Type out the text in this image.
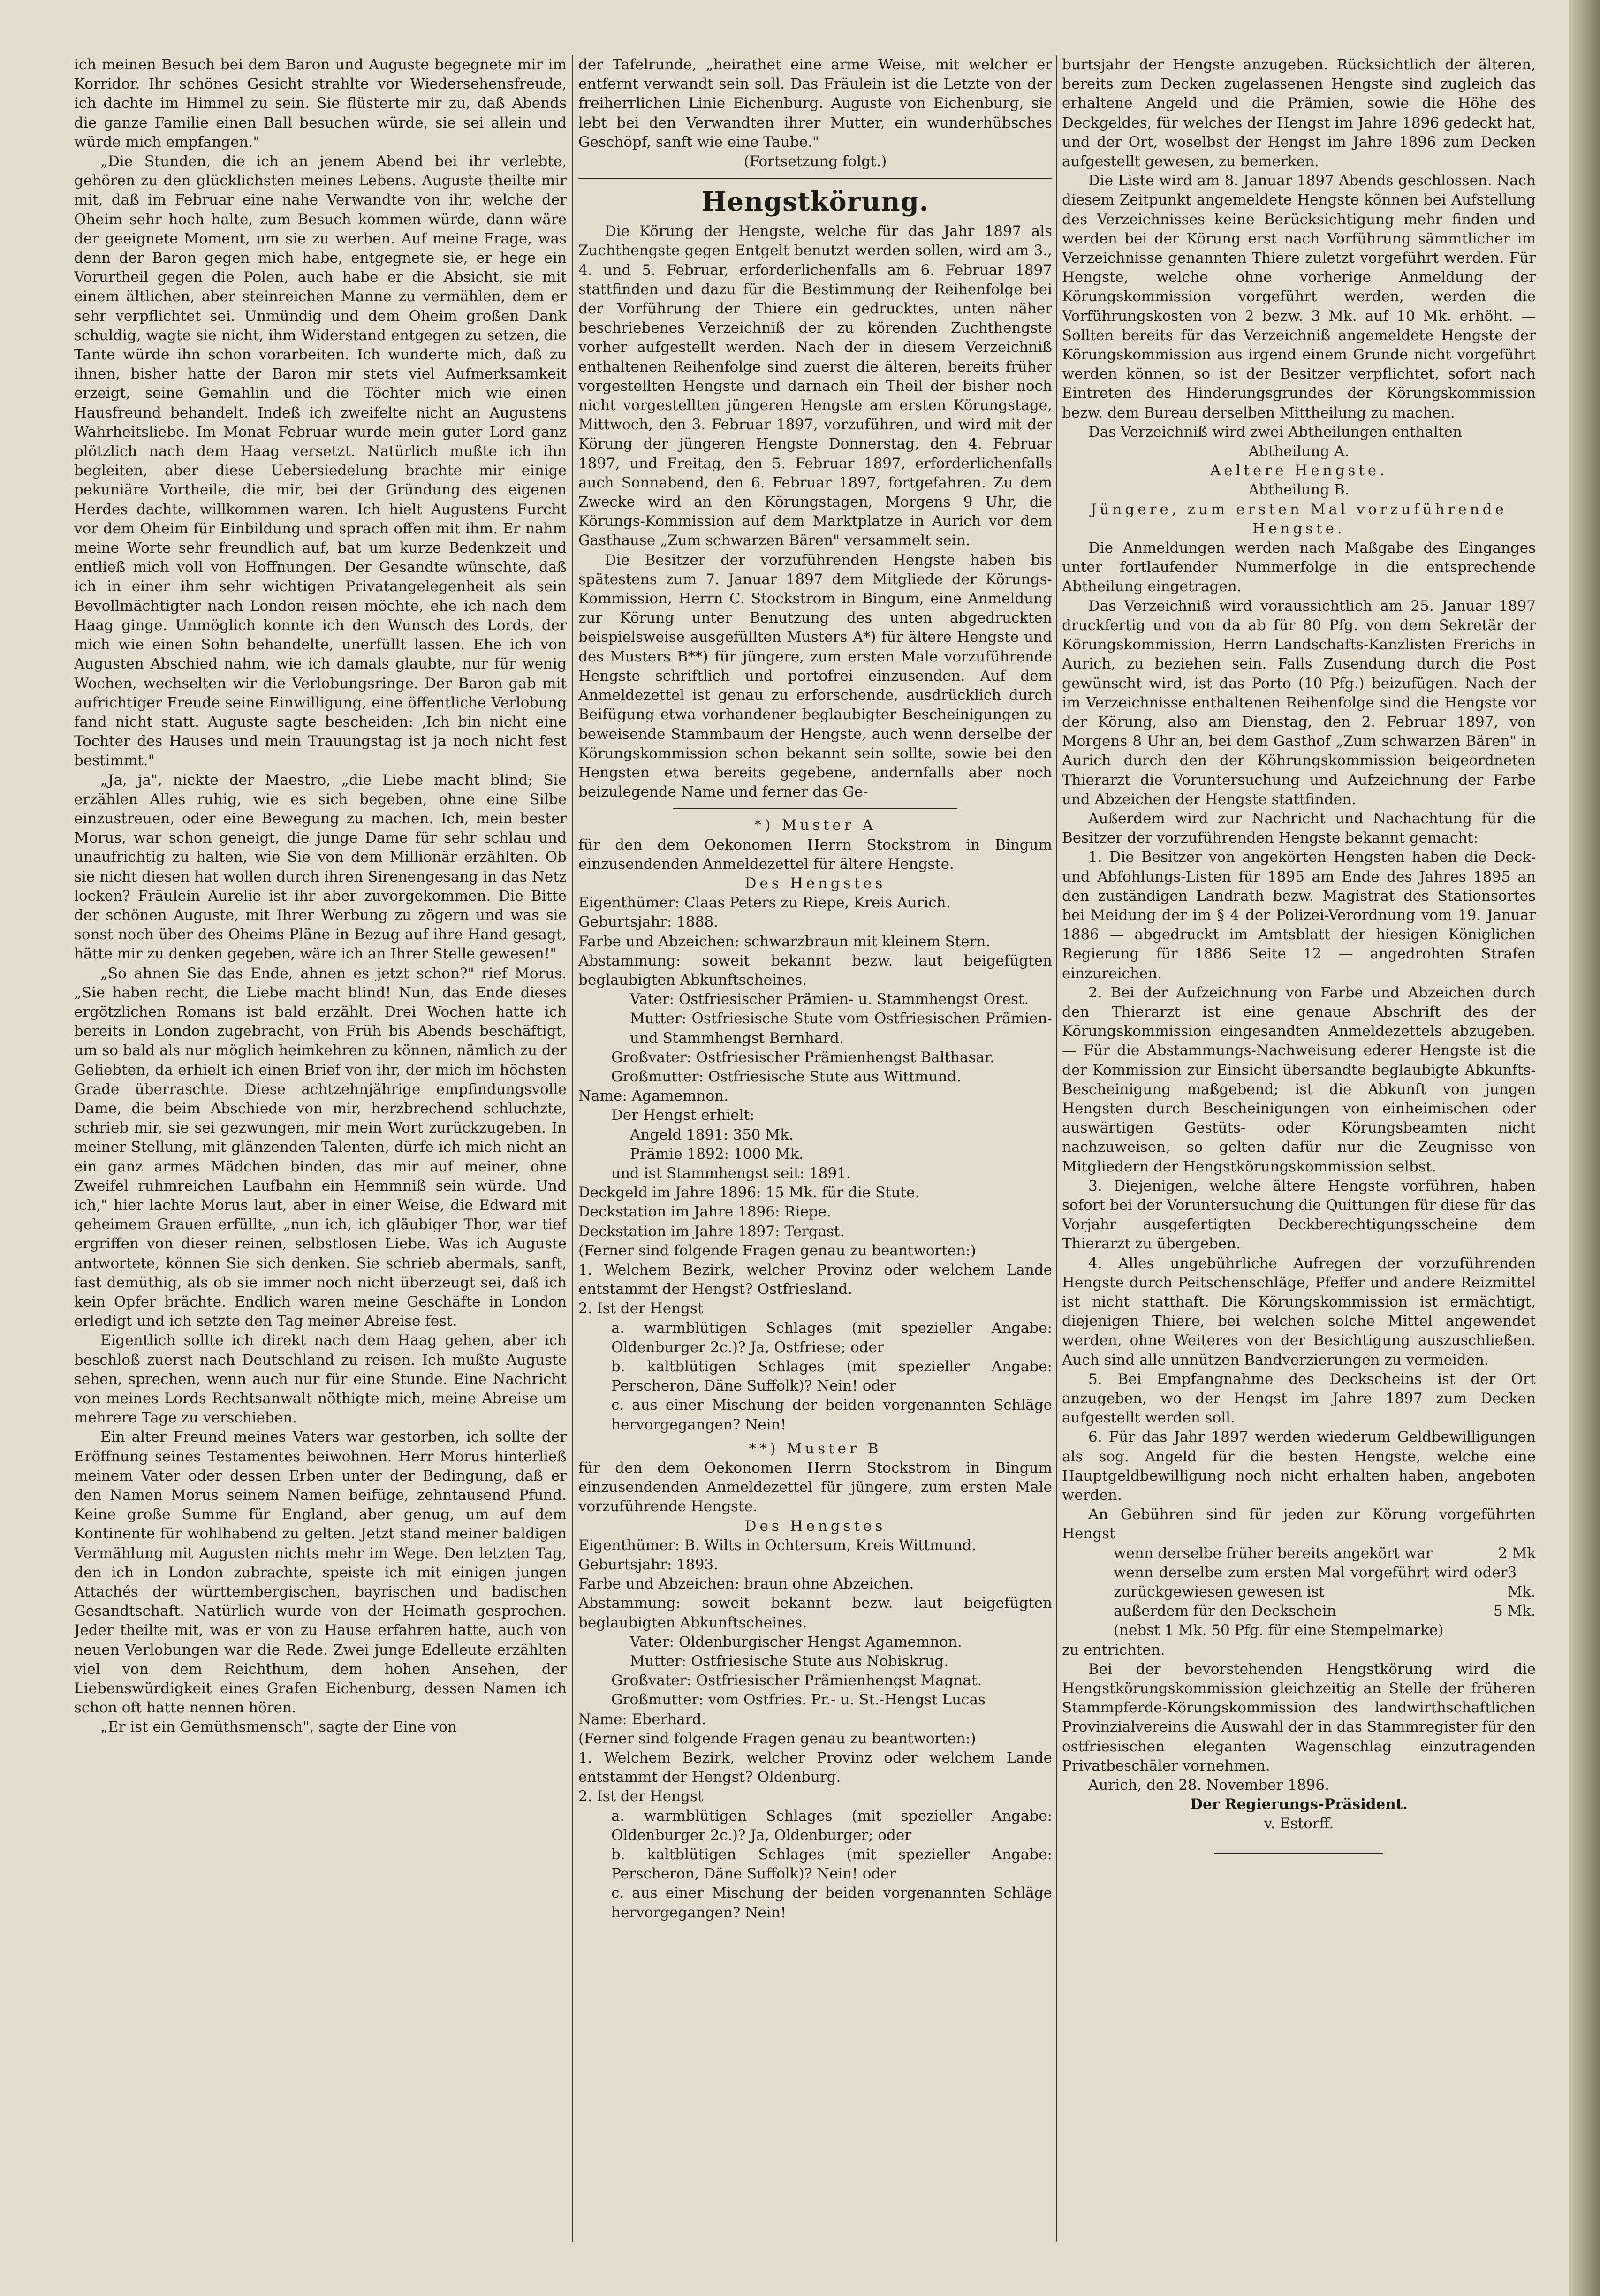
ich meinen Besuch bei dem Baron und Auguste begegnete mir im Korridor. Ihr schönes Gesicht strahlte vor Wiedersehensfreude, ich dachte im Himmel zu sein. Sie flüsterte mir zu, daß Abends die ganze Familie einen Ball besuchen würde, sie sei allein und würde mich empfangen."

„Die Stunden, die ich an jenem Abend bei ihr verlebte, gehören zu den glücklichsten meines Lebens. Auguste theilte mir mit, daß im Februar eine nahe Verwandte von ihr, welche der Oheim sehr hoch halte, zum Besuch kommen würde, dann wäre der geeignete Moment, um sie zu werben. Auf meine Frage, was denn der Baron gegen mich habe, entgegnete sie, er hege ein Vorurtheil gegen die Polen, auch habe er die Absicht, sie mit einem ältlichen, aber steinreichen Manne zu vermählen, dem er sehr verpflichtet sei. Unmündig und dem Oheim großen Dank schuldig, wagte sie nicht, ihm Widerstand entgegen zu setzen, die Tante würde ihn schon vorarbeiten. Ich wunderte mich, daß zu ihnen, bisher hatte der Baron mir stets viel Aufmerksamkeit erzeigt, seine Gemahlin und die Töchter mich wie einen Hausfreund behandelt. Indeß ich zweifelte nicht an Augustens Wahrheitsliebe. Im Monat Februar wurde mein guter Lord ganz plötzlich nach dem Haag versetzt. Natürlich mußte ich ihn begleiten, aber diese Uebersiedelung brachte mir einige pekuniäre Vortheile, die mir, bei der Gründung des eigenen Herdes dachte, willkommen waren. Ich hielt Augustens Furcht vor dem Oheim für Einbildung und sprach offen mit ihm. Er nahm meine Worte sehr freundlich auf, bat um kurze Bedenkzeit und entließ mich voll von Hoffnungen. Der Gesandte wünschte, daß ich in einer ihm sehr wichtigen Privatangelegenheit als sein Bevollmächtigter nach London reisen möchte, ehe ich nach dem Haag ginge. Unmöglich konnte ich den Wunsch des Lords, der mich wie einen Sohn behandelte, unerfüllt lassen. Ehe ich von Augusten Abschied nahm, wie ich damals glaubte, nur für wenig Wochen, wechselten wir die Verlobungsringe. Der Baron gab mit aufrichtiger Freude seine Einwilligung, eine öffentliche Verlobung fand nicht statt. Auguste sagte bescheiden: ‚Ich bin nicht eine Tochter des Hauses und mein Trauungstag ist ja noch nicht fest bestimmt."

„Ja, ja", nickte der Maestro, „die Liebe macht blind; Sie erzählen Alles ruhig, wie es sich begeben, ohne eine Silbe einzustreuen, oder eine Bewegung zu machen. Ich, mein bester Morus, war schon geneigt, die junge Dame für sehr schlau und unaufrichtig zu halten, wie Sie von dem Millionär erzählten. Ob sie nicht diesen hat wollen durch ihren Sirenengesang in das Netz locken? Fräulein Aurelie ist ihr aber zuvorgekommen. Die Bitte der schönen Auguste, mit Ihrer Werbung zu zögern und was sie sonst noch über des Oheims Pläne in Bezug auf ihre Hand gesagt, hätte mir zu denken gegeben, wäre ich an Ihrer Stelle gewesen!"

„So ahnen Sie das Ende, ahnen es jetzt schon?" rief Morus. „Sie haben recht, die Liebe macht blind! Nun, das Ende dieses ergötzlichen Romans ist bald erzählt. Drei Wochen hatte ich bereits in London zugebracht, von Früh bis Abends beschäftigt, um so bald als nur möglich heimkehren zu können, nämlich zu der Geliebten, da erhielt ich einen Brief von ihr, der mich im höchsten Grade überraschte. Diese achtzehnjährige empfindungsvolle Dame, die beim Abschiede von mir, herzbrechend schluchzte, schrieb mir, sie sei gezwungen, mir mein Wort zurückzugeben. In meiner Stellung, mit glänzenden Talenten, dürfe ich mich nicht an ein ganz armes Mädchen binden, das mir auf meiner, ohne Zweifel ruhmreichen Laufbahn ein Hemmniß sein würde. Und ich," hier lachte Morus laut, aber in einer Weise, die Edward mit geheimem Grauen erfüllte, „nun ich, ich gläubiger Thor, war tief ergriffen von dieser reinen, selbstlosen Liebe. Was ich Auguste antwortete, können Sie sich denken. Sie schrieb abermals, sanft, fast demüthig, als ob sie immer noch nicht überzeugt sei, daß ich kein Opfer brächte. Endlich waren meine Geschäfte in London erledigt und ich setzte den Tag meiner Abreise fest.

Eigentlich sollte ich direkt nach dem Haag gehen, aber ich beschloß zuerst nach Deutschland zu reisen. Ich mußte Auguste sehen, sprechen, wenn auch nur für eine Stunde. Eine Nachricht von meines Lords Rechtsanwalt nöthigte mich, meine Abreise um mehrere Tage zu verschieben.

Ein alter Freund meines Vaters war gestorben, ich sollte der Eröffnung seines Testamentes beiwohnen. Herr Morus hinterließ meinem Vater oder dessen Erben unter der Bedingung, daß er den Namen Morus seinem Namen beifüge, zehntausend Pfund. Keine große Summe für England, aber genug, um auf dem Kontinente für wohlhabend zu gelten. Jetzt stand meiner baldigen Vermählung mit Augusten nichts mehr im Wege. Den letzten Tag, den ich in London zubrachte, speiste ich mit einigen jungen Attachés der württembergischen, bayrischen und badischen Gesandtschaft. Natürlich wurde von der Heimath gesprochen. Jeder theilte mit, was er von zu Hause erfahren hatte, auch von neuen Verlobungen war die Rede. Zwei junge Edelleute erzählten viel von dem Reichthum, dem hohen Ansehen, der Liebenswürdigkeit eines Grafen Eichenburg, dessen Namen ich schon oft hatte nennen hören.

„Er ist ein Gemüthsmensch", sagte der Eine von

der Tafelrunde, „heirathet eine arme Weise, mit welcher er entfernt verwandt sein soll. Das Fräulein ist die Letzte von der freiherrlichen Linie Eichenburg. Auguste von Eichenburg, sie lebt bei den Verwandten ihrer Mutter, ein wunderhübsches Geschöpf, sanft wie eine Taube."

(Fortsetzung folgt.)

Hengstkörung.

Die Körung der Hengste, welche für das Jahr 1897 als Zuchthengste gegen Entgelt benutzt werden sollen, wird am 3., 4. und 5. Februar, erforderlichenfalls am 6. Februar 1897 stattfinden und dazu für die Bestimmung der Reihenfolge bei der Vorführung der Thiere ein gedrucktes, unten näher beschriebenes Verzeichniß der zu körenden Zuchthengste vorher aufgestellt werden. Nach der in diesem Verzeichniß enthaltenen Reihenfolge sind zuerst die älteren, bereits früher vorgestellten Hengste und darnach ein Theil der bisher noch nicht vorgestellten jüngeren Hengste am ersten Körungstage, Mittwoch, den 3. Februar 1897, vorzuführen, und wird mit der Körung der jüngeren Hengste Donnerstag, den 4. Februar 1897, und Freitag, den 5. Februar 1897, erforderlichenfalls auch Sonnabend, den 6. Februar 1897, fortgefahren. Zu dem Zwecke wird an den Körungstagen, Morgens 9 Uhr, die Körungs-Kommission auf dem Marktplatze in Aurich vor dem Gasthause „Zum schwarzen Bären" versammelt sein.

Die Besitzer der vorzuführenden Hengste haben bis spätestens zum 7. Januar 1897 dem Mitgliede der Körungs-Kommission, Herrn C. Stockstrom in Bingum, eine Anmeldung zur Körung unter Benutzung des unten abgedruckten beispielsweise ausgefüllten Musters A*) für ältere Hengste und des Musters B**) für jüngere, zum ersten Male vorzuführende Hengste schriftlich und portofrei einzusenden. Auf dem Anmeldezettel ist genau zu erforschende, ausdrücklich durch Beifügung etwa vorhandener beglaubigter Bescheinigungen zu beweisende Stammbaum der Hengste, auch wenn derselbe der Körungskommission schon bekannt sein sollte, sowie bei den Hengsten etwa bereits gegebene, andernfalls aber noch beizulegende Name und ferner das Ge-

*) Muster A

für den dem Oekonomen Herrn Stockstrom in Bingum einzusendenden Anmeldezettel für ältere Hengste.

Des Hengstes

Eigenthümer: Claas Peters zu Riepe, Kreis Aurich.

Geburtsjahr: 1888.

Farbe und Abzeichen: schwarzbraun mit kleinem Stern.

Abstammung: soweit bekannt bezw. laut beigefügten beglaubigten Abkunftscheines.

Vater: Ostfriesischer Prämien- u. Stammhengst Orest.

Mutter: Ostfriesische Stute vom Ostfriesischen Prämien- und Stammhengst Bernhard.

Großvater: Ostfriesischer Prämienhengst Balthasar.

Großmutter: Ostfriesische Stute aus Wittmund.

Name: Agamemnon.

Der Hengst erhielt:

Angeld 1891: 350 Mk.

Prämie 1892: 1000 Mk.

und ist Stammhengst seit: 1891.

Deckgeld im Jahre 1896: 15 Mk. für die Stute.

Deckstation im Jahre 1896: Riepe.

Deckstation im Jahre 1897: Tergast.

(Ferner sind folgende Fragen genau zu beantworten:)

1. Welchem Bezirk, welcher Provinz oder welchem Lande entstammt der Hengst? Ostfriesland.

2. Ist der Hengst

a. warmblütigen Schlages (mit spezieller Angabe: Oldenburger 2c.)? Ja, Ostfriese; oder

b. kaltblütigen Schlages (mit spezieller Angabe: Perscheron, Däne Suffolk)? Nein! oder

c. aus einer Mischung der beiden vorgenannten Schläge hervorgegangen? Nein!

**) Muster B

für den dem Oekonomen Herrn Stockstrom in Bingum einzusendenden Anmeldezettel für jüngere, zum ersten Male vorzuführende Hengste.

Des Hengstes

Eigenthümer: B. Wilts in Ochtersum, Kreis Wittmund.

Geburtsjahr: 1893.

Farbe und Abzeichen: braun ohne Abzeichen.

Abstammung: soweit bekannt bezw. laut beigefügten beglaubigten Abkunftscheines.

Vater: Oldenburgischer Hengst Agamemnon.

Mutter: Ostfriesische Stute aus Nobiskrug.

Großvater: Ostfriesischer Prämienhengst Magnat.

Großmutter: vom Ostfries. Pr.- u. St.-Hengst Lucas

Name: Eberhard.

(Ferner sind folgende Fragen genau zu beantworten:)

1. Welchem Bezirk, welcher Provinz oder welchem Lande entstammt der Hengst? Oldenburg.

2. Ist der Hengst

a. warmblütigen Schlages (mit spezieller Angabe: Oldenburger 2c.)? Ja, Oldenburger; oder

b. kaltblütigen Schlages (mit spezieller Angabe: Perscheron, Däne Suffolk)? Nein! oder

c. aus einer Mischung der beiden vorgenannten Schläge hervorgegangen? Nein!

burtsjahr der Hengste anzugeben. Rücksichtlich der älteren, bereits zum Decken zugelassenen Hengste sind zugleich das erhaltene Angeld und die Prämien, sowie die Höhe des Deckgeldes, für welches der Hengst im Jahre 1896 gedeckt hat, und der Ort, woselbst der Hengst im Jahre 1896 zum Decken aufgestellt gewesen, zu bemerken.

Die Liste wird am 8. Januar 1897 Abends geschlossen. Nach diesem Zeitpunkt angemeldete Hengste können bei Aufstellung des Verzeichnisses keine Berücksichtigung mehr finden und werden bei der Körung erst nach Vorführung sämmtlicher im Verzeichnisse genannten Thiere zuletzt vorgeführt werden. Für Hengste, welche ohne vorherige Anmeldung der Körungskommission vorgeführt werden, werden die Vorführungskosten von 2 bezw. 3 Mk. auf 10 Mk. erhöht. — Sollten bereits für das Verzeichniß angemeldete Hengste der Körungskommission aus irgend einem Grunde nicht vorgeführt werden können, so ist der Besitzer verpflichtet, sofort nach Eintreten des Hinderungsgrundes der Körungskommission bezw. dem Bureau derselben Mittheilung zu machen.

Das Verzeichniß wird zwei Abtheilungen enthalten

Abtheilung A.

Aeltere Hengste.

Abtheilung B.

Jüngere, zum ersten Mal vorzuführende Hengste.

Die Anmeldungen werden nach Maßgabe des Einganges unter fortlaufender Nummerfolge in die entsprechende Abtheilung eingetragen.

Das Verzeichniß wird voraussichtlich am 25. Januar 1897 druckfertig und von da ab für 80 Pfg. von dem Sekretär der Körungskommission, Herrn Landschafts-Kanzlisten Frerichs in Aurich, zu beziehen sein. Falls Zusendung durch die Post gewünscht wird, ist das Porto (10 Pfg.) beizufügen. Nach der im Verzeichnisse enthaltenen Reihenfolge sind die Hengste vor der Körung, also am Dienstag, den 2. Februar 1897, von Morgens 8 Uhr an, bei dem Gasthof „Zum schwarzen Bären" in Aurich durch den der Köhrungskommission beigeordneten Thierarzt die Voruntersuchung und Aufzeichnung der Farbe und Abzeichen der Hengste stattfinden.

Außerdem wird zur Nachricht und Nachachtung für die Besitzer der vorzuführenden Hengste bekannt gemacht:

1. Die Besitzer von angekörten Hengsten haben die Deck- und Abfohlungs-Listen für 1895 am Ende des Jahres 1895 an den zuständigen Landrath bezw. Magistrat des Stationsortes bei Meidung der im § 4 der Polizei-Verordnung vom 19. Januar 1886 — abgedruckt im Amtsblatt der hiesigen Königlichen Regierung für 1886 Seite 12 — angedrohten Strafen einzureichen.

2. Bei der Aufzeichnung von Farbe und Abzeichen durch den Thierarzt ist eine genaue Abschrift des der Körungskommission eingesandten Anmeldezettels abzugeben. — Für die Abstammungs-Nachweisung ederer Hengste ist die der Kommission zur Einsicht übersandte beglaubigte Abkunfts-Bescheinigung maßgebend; ist die Abkunft von jungen Hengsten durch Bescheinigungen von einheimischen oder auswärtigen Gestüts- oder Körungsbeamten nicht nachzuweisen, so gelten dafür nur die Zeugnisse von Mitgliedern der Hengstkörungskommission selbst.

3. Diejenigen, welche ältere Hengste vorführen, haben sofort bei der Voruntersuchung die Quittungen für diese für das Vorjahr ausgefertigten Deckberechtigungsscheine dem Thierarzt zu übergeben.

4. Alles ungebührliche Aufregen der vorzuführenden Hengste durch Peitschenschläge, Pfeffer und andere Reizmittel ist nicht statthaft. Die Körungskommission ist ermächtigt, diejenigen Thiere, bei welchen solche Mittel angewendet werden, ohne Weiteres von der Besichtigung auszuschließen. Auch sind alle unnützen Bandverzierungen zu vermeiden.

5. Bei Empfangnahme des Deckscheins ist der Ort anzugeben, wo der Hengst im Jahre 1897 zum Decken aufgestellt werden soll.

6. Für das Jahr 1897 werden wiederum Geldbewilligungen als sog. Angeld für die besten Hengste, welche eine Hauptgeldbewilligung noch nicht erhalten haben, angeboten werden.

An Gebühren sind für jeden zur Körung vorgeführten Hengst

wenn derselbe früher bereits angekört war	2 Mk
wenn derselbe zum ersten Mal vorgeführt wird oder zurückgewiesen gewesen ist
3 Mk.
außerdem für den Deckschein	5 Mk.
(nebst 1 Mk. 50 Pfg. für eine Stempelmarke)

zu entrichten.

Bei der bevorstehenden Hengstkörung wird die Hengstkörungskommission gleichzeitig an Stelle der früheren Stammpferde-Körungskommission des landwirthschaftlichen Provinzialvereins die Auswahl der in das Stammregister für den ostfriesischen eleganten Wagenschlag einzutragenden Privatbeschäler vornehmen.

Aurich, den 28. November 1896.

Der Regierungs-Präsident.

v. Estorff.
